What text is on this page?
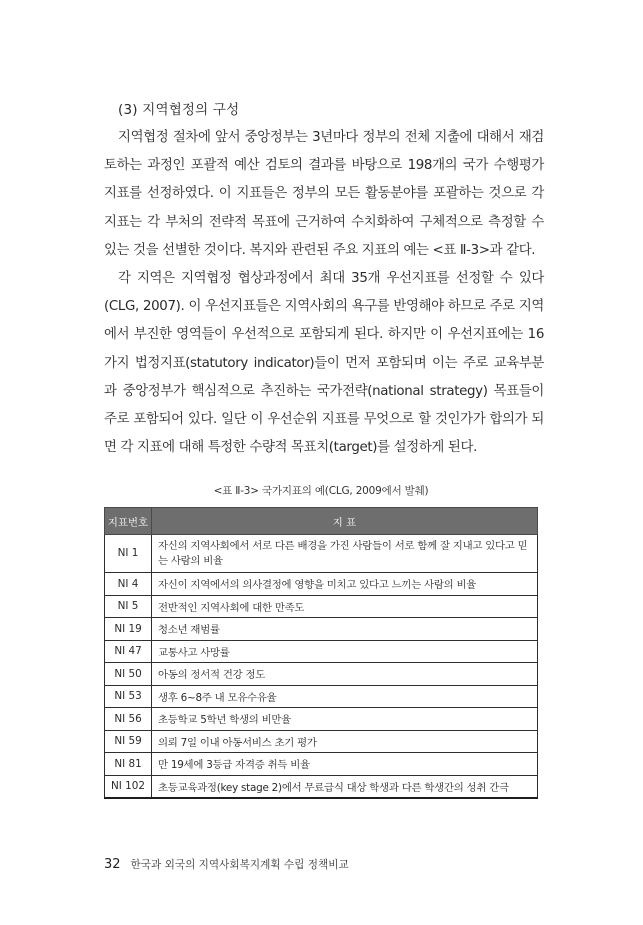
(3) 지역협정의 구성

지역협정 절차에 앞서 중앙정부는 3년마다 정부의 전체 지출에 대해서 재검토하는 과정인 포괄적 예산 검토의 결과를 바탕으로 198개의 국가 수행평가 지표를 선정하였다. 이 지표들은 정부의 모든 활동분야를 포괄하는 것으로 각 지표는 각 부처의 전략적 목표에 근거하여 수치화하여 구체적으로 측정할 수 있는 것을 선별한 것이다. 복지와 관련된 주요 지표의 예는 <표 Ⅱ-3>과 같다.

각 지역은 지역협정 협상과정에서 최대 35개 우선지표를 선정할 수 있다(CLG, 2007). 이 우선지표들은 지역사회의 욕구를 반영해야 하므로 주로 지역에서 부진한 영역들이 우선적으로 포함되게 된다. 하지만 이 우선지표에는 16가지 법정지표(statutory indicator)들이 먼저 포함되며 이는 주로 교육부분과 중앙정부가 핵심적으로 추진하는 국가전략(national strategy) 목표들이 주로 포함되어 있다. 일단 이 우선순위 지표를 무엇으로 할 것인가가 합의가 되면 각 지표에 대해 특정한 수량적 목표치(target)를 설정하게 된다.

<표 Ⅱ-3> 국가지표의 예(CLG, 2009에서 발췌)
지표번호	지 표
NI 1	자신의 지역사회에서 서로 다른 배경을 가진 사람들이 서로 함께 잘 지내고 있다고 믿는 사람의 비율
NI 4	자신이 지역에서의 의사결정에 영향을 미치고 있다고 느끼는 사람의 비율
NI 5	전반적인 지역사회에 대한 만족도
NI 19	청소년 재범률
NI 47	교통사고 사망률
NI 50	아동의 정서적 건강 정도
NI 53	생후 6~8주 내 모유수유율
NI 56	초등학교 5학년 학생의 비만율
NI 59	의뢰 7일 이내 아동서비스 초기 평가
NI 81	만 19세에 3등급 자격증 취득 비율
NI 102	초등교육과정(key stage 2)에서 무료급식 대상 학생과 다른 학생간의 성취 간극
32 한국과 외국의 지역사회복지계획 수립 정책비교
